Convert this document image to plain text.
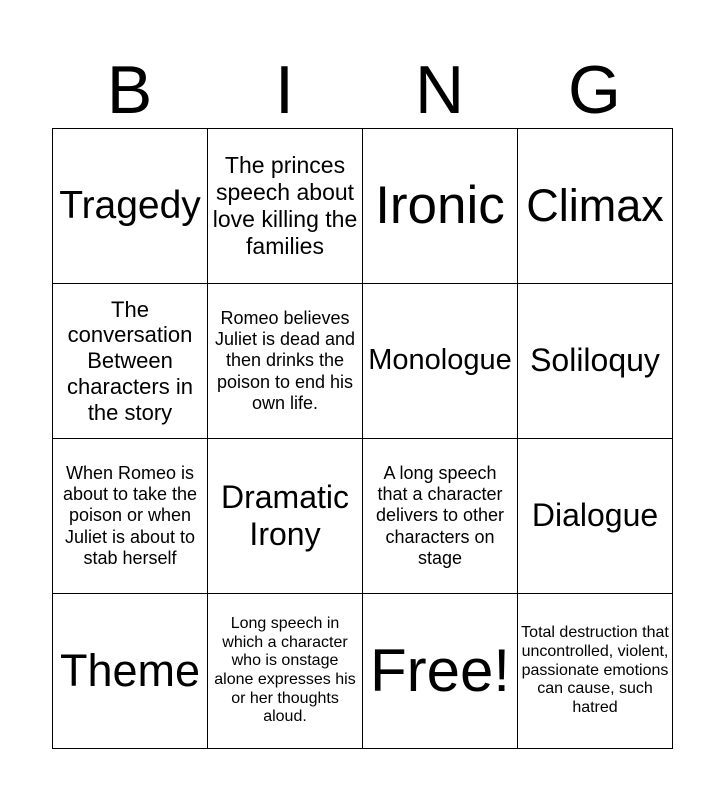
B	I	N	G
Tragedy	The princes speech about love killing the families	Ironic	Climax
The conversation Between characters in the story	Romeo believes Juliet is dead and then drinks the poison to end his own life.	Monologue	Soliloquy
When Romeo is about to take the poison or when Juliet is about to stab herself	Dramatic Irony	A long speech that a character delivers to other characters on stage	Dialogue
Theme	Long speech in which a character who is onstage alone expresses his or her thoughts aloud.	Free!	Total destruction that uncontrolled, violent, passionate emotions can cause, such hatred
